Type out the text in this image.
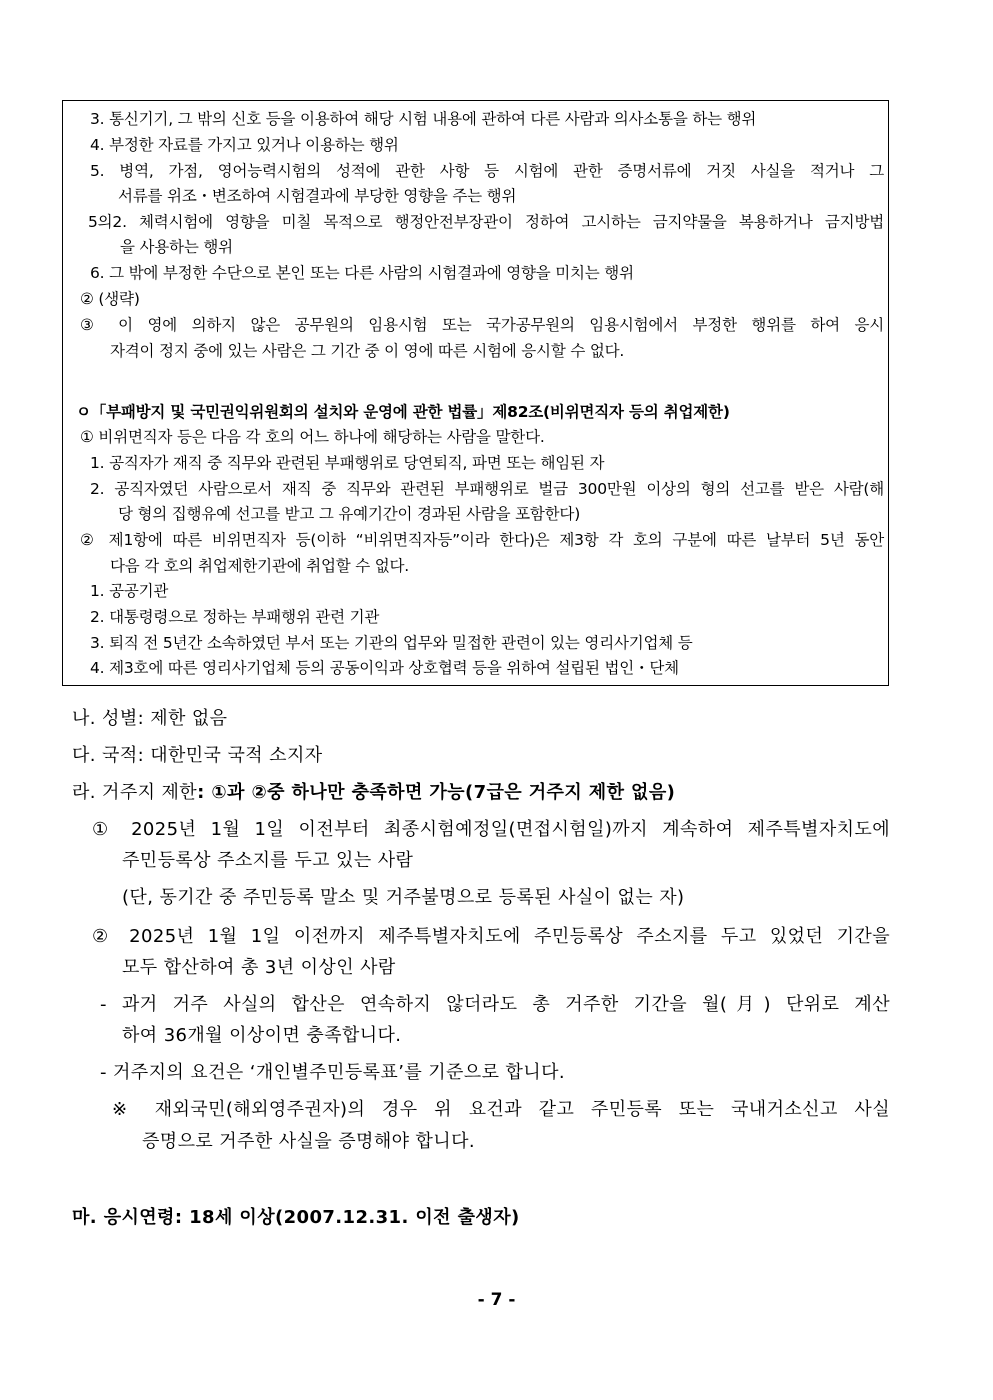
3. 통신기기, 그 밖의 신호 등을 이용하여 해당 시험 내용에 관하여 다른 사람과 의사소통을 하는 행위
4. 부정한 자료를 가지고 있거나 이용하는 행위
5. 병역, 가점, 영어능력시험의 성적에 관한 사항 등 시험에 관한 증명서류에 거짓 사실을 적거나 그
서류를 위조・변조하여 시험결과에 부당한 영향을 주는 행위
5의2. 체력시험에 영향을 미칠 목적으로 행정안전부장관이 정하여 고시하는 금지약물을 복용하거나 금지방법
을 사용하는 행위
6. 그 밖에 부정한 수단으로 본인 또는 다른 사람의 시험결과에 영향을 미치는 행위
② (생략)
③ 이 영에 의하지 않은 공무원의 임용시험 또는 국가공무원의 임용시험에서 부정한 행위를 하여 응시
자격이 정지 중에 있는 사람은 그 기간 중 이 영에 따른 시험에 응시할 수 없다.
ㅇ「부패방지 및 국민권익위원회의 설치와 운영에 관한 법률」제82조(비위면직자 등의 취업제한)
① 비위면직자 등은 다음 각 호의 어느 하나에 해당하는 사람을 말한다.
1. 공직자가 재직 중 직무와 관련된 부패행위로 당연퇴직, 파면 또는 해임된 자
2. 공직자였던 사람으로서 재직 중 직무와 관련된 부패행위로 벌금 300만원 이상의 형의 선고를 받은 사람(해
당 형의 집행유예 선고를 받고 그 유예기간이 경과된 사람을 포함한다)
② 제1항에 따른 비위면직자 등(이하 “비위면직자등”이라 한다)은 제3항 각 호의 구분에 따른 날부터 5년 동안
다음 각 호의 취업제한기관에 취업할 수 없다.
1. 공공기관
2. 대통령령으로 정하는 부패행위 관련 기관
3. 퇴직 전 5년간 소속하였던 부서 또는 기관의 업무와 밀접한 관련이 있는 영리사기업체 등
4. 제3호에 따른 영리사기업체 등의 공동이익과 상호협력 등을 위하여 설립된 법인・단체
나. 성별: 제한 없음
다. 국적: 대한민국 국적 소지자
라. 거주지 제한: ①과 ②중 하나만 충족하면 가능(7급은 거주지 제한 없음)
① 2025년 1월 1일 이전부터 최종시험예정일(면접시험일)까지 계속하여 제주특별자치도에
주민등록상 주소지를 두고 있는 사람
(단, 동기간 중 주민등록 말소 및 거주불명으로 등록된 사실이 없는 자)
② 2025년 1월 1일 이전까지 제주특별자치도에 주민등록상 주소지를 두고 있었던 기간을
모두 합산하여 총 3년 이상인 사람
- 과거 거주 사실의 합산은 연속하지 않더라도 총 거주한 기간을 월(月) 단위로 계산
하여 36개월 이상이면 충족합니다.
- 거주지의 요건은 ‘개인별주민등록표’를 기준으로 합니다.
※ 재외국민(해외영주권자)의 경우 위 요건과 같고 주민등록 또는 국내거소신고 사실
증명으로 거주한 사실을 증명해야 합니다.
마. 응시연령: 18세 이상(2007.12.31. 이전 출생자)
- 7 -
